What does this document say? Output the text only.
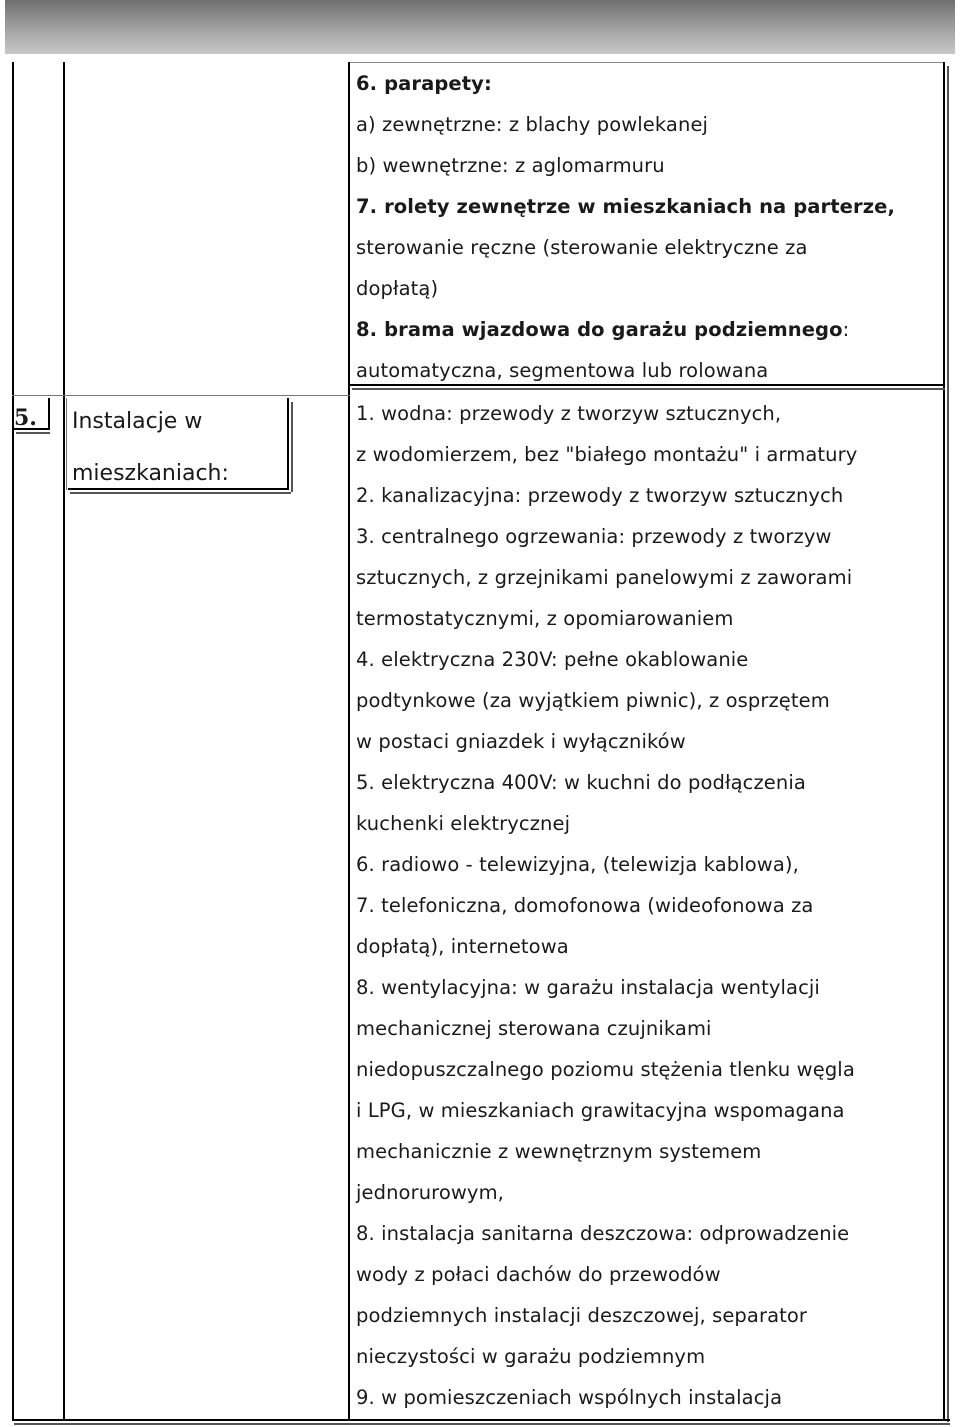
5. Instalacje w
mieszkaniach:
6. parapety:
a) zewnętrzne: z blachy powlekanej
b) wewnętrzne: z aglomarmuru
7. rolety zewnętrze w mieszkaniach na parterze,
sterowanie ręczne (sterowanie elektryczne za
dopłatą)
8. brama wjazdowa do garażu podziemnego:
automatyczna, segmentowa lub rolowana
1. wodna: przewody z tworzyw sztucznych,
z wodomierzem, bez "białego montażu" i armatury
2. kanalizacyjna: przewody z tworzyw sztucznych
3. centralnego ogrzewania: przewody z tworzyw
sztucznych, z grzejnikami panelowymi z zaworami
termostatycznymi, z opomiarowaniem
4. elektryczna 230V: pełne okablowanie
podtynkowe (za wyjątkiem piwnic), z osprzętem
w postaci gniazdek i wyłączników
5. elektryczna 400V: w kuchni do podłączenia
kuchenki elektrycznej
6. radiowo - telewizyjna, (telewizja kablowa),
7. telefoniczna, domofonowa (wideofonowa za
dopłatą), internetowa
8. wentylacyjna: w garażu instalacja wentylacji
mechanicznej sterowana czujnikami
niedopuszczalnego poziomu stężenia tlenku węgla
i LPG, w mieszkaniach grawitacyjna wspomagana
mechanicznie z wewnętrznym systemem
jednorurowym,
8. instalacja sanitarna deszczowa: odprowadzenie
wody z połaci dachów do przewodów
podziemnych instalacji deszczowej, separator
nieczystości w garażu podziemnym
9. w pomieszczeniach wspólnych instalacja
